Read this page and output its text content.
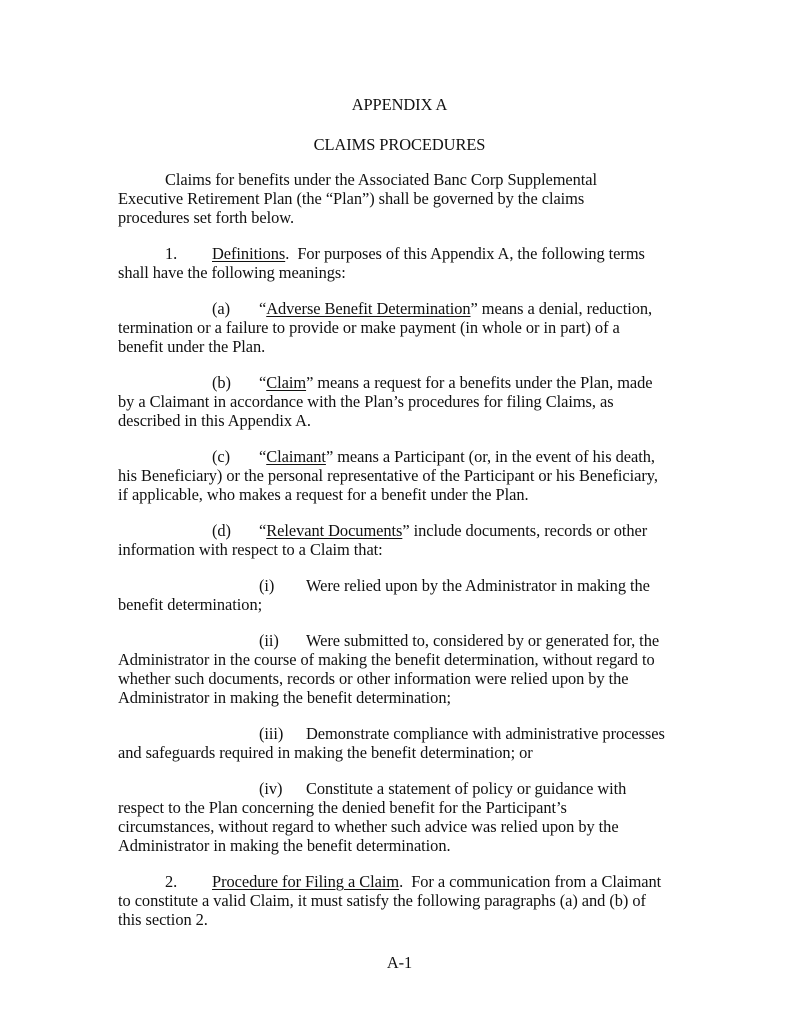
APPENDIX A
CLAIMS PROCEDURES
Claims for benefits under the Associated Banc Corp Supplemental
Executive Retirement Plan (the “Plan”) shall be governed by the claims
procedures set forth below.
1. Definitions.  For purposes of this Appendix A, the following terms
shall have the following meanings:
(a) “Adverse Benefit Determination” means a denial, reduction,
termination or a failure to provide or make payment (in whole or in part) of a
benefit under the Plan.
(b) “Claim” means a request for a benefits under the Plan, made
by a Claimant in accordance with the Plan’s procedures for filing Claims, as
described in this Appendix A.
(c) “Claimant” means a Participant (or, in the event of his death,
his Beneficiary) or the personal representative of the Participant or his Beneficiary,
if applicable, who makes a request for a benefit under the Plan.
(d) “Relevant Documents” include documents, records or other
information with respect to a Claim that:
(i) Were relied upon by the Administrator in making the
benefit determination;
(ii) Were submitted to, considered by or generated for, the
Administrator in the course of making the benefit determination, without regard to
whether such documents, records or other information were relied upon by the
Administrator in making the benefit determination;
(iii) Demonstrate compliance with administrative processes
and safeguards required in making the benefit determination; or
(iv) Constitute a statement of policy or guidance with
respect to the Plan concerning the denied benefit for the Participant’s
circumstances, without regard to whether such advice was relied upon by the
Administrator in making the benefit determination.
2. Procedure for Filing a Claim.  For a communication from a Claimant
to constitute a valid Claim, it must satisfy the following paragraphs (a) and (b) of
this section 2.
A-1
